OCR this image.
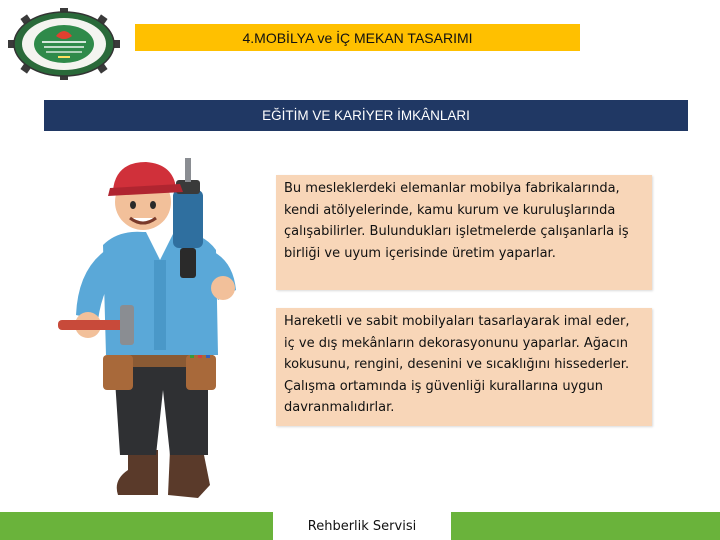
4.MOBİLYA ve İÇ MEKAN TASARIMI
EĞİTİM VE KARİYER İMKÂNLARI
Bu mesleklerdeki elemanlar mobilya fabrikalarında, kendi atölyelerinde, kamu kurum ve kuruluşlarında çalışabilirler. Bulundukları işletmelerde çalışanlarla iş birliği ve uyum içerisinde üretim yaparlar.
Hareketli ve sabit mobilyaları tasarlayarak imal eder, iç ve dış mekânların dekorasyonunu yaparlar. Ağacın kokusunu, rengini, desenini ve sıcaklığını hissederler. Çalışma ortamında iş güvenliği kurallarına uygun davranmalıdırlar.
Rehberlik Servisi
